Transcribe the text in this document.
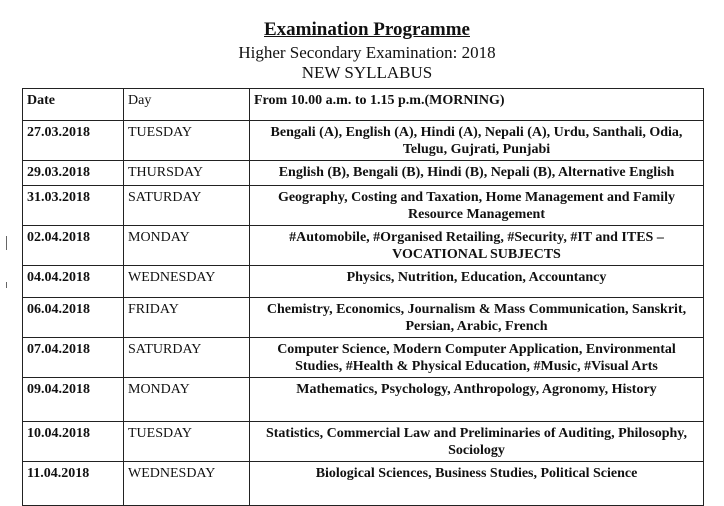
Examination Programme
Higher Secondary Examination: 2018
NEW SYLLABUS
Date	Day	From 10.00 a.m. to 1.15 p.m.(MORNING)
27.03.2018	TUESDAY	Bengali (A), English (A), Hindi (A), Nepali (A), Urdu, Santhali, Odia, Telugu, Gujrati, Punjabi
29.03.2018	THURSDAY	English (B), Bengali (B), Hindi (B), Nepali (B), Alternative English
31.03.2018	SATURDAY	Geography, Costing and Taxation, Home Management and Family Resource Management
02.04.2018	MONDAY	#Automobile, #Organised Retailing, #Security, #IT and ITES – VOCATIONAL SUBJECTS
04.04.2018	WEDNESDAY	Physics, Nutrition, Education, Accountancy
06.04.2018	FRIDAY	Chemistry, Economics, Journalism & Mass Communication, Sanskrit, Persian, Arabic, French
07.04.2018	SATURDAY	Computer Science, Modern Computer Application, Environmental Studies, #Health & Physical Education, #Music, #Visual Arts
09.04.2018	MONDAY	Mathematics, Psychology, Anthropology, Agronomy, History
10.04.2018	TUESDAY	Statistics, Commercial Law and Preliminaries of Auditing, Philosophy, Sociology
11.04.2018	WEDNESDAY	Biological Sciences, Business Studies, Political Science
